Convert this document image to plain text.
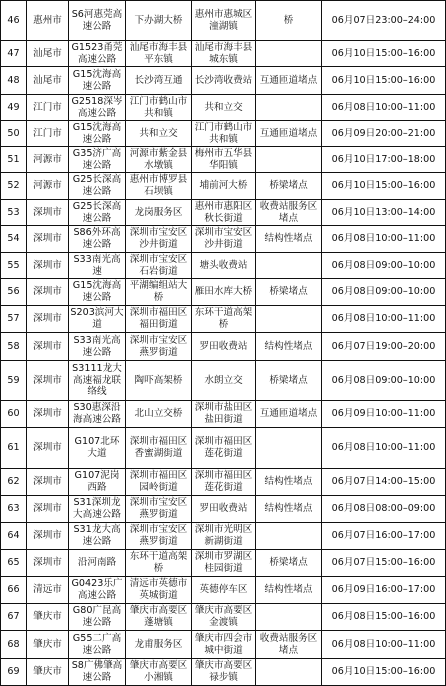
46	惠州市	S6河惠莞高速公路	下办湖大桥	惠州市惠城区潼湖镇	桥	06月07日23:00–24:00
47	汕尾市	G1523甬莞高速公路	汕尾市海丰县平东镇	汕尾市海丰县城东镇		06月10日15:00–16:00
48	汕尾市	G15沈海高速公路	长沙湾互通	长沙湾收费站	互通匝道堵点	06月10日15:00–16:00
49	江门市	G2518深岑高速公路	江门市鹤山市共和镇	共和立交		06月08日10:00–11:00
50	江门市	G15沈海高速公路	共和立交	江门市鹤山市共和镇	互通匝道堵点	06月09日20:00–21:00
51	河源市	G35济广高速公路	河源市紫金县水墩镇	梅州市五华县华阳镇		06月10日17:00–18:00
52	河源市	G25长深高速公路	惠州市博罗县石坝镇	埔前河大桥	桥梁堵点	06月10日15:00–16:00
53	深圳市	G25长深高速公路	龙岗服务区	惠州市惠阳区秋长街道	收费站服务区堵点	06月10日13:00–14:00
54	深圳市	S86外环高速公路	深圳市宝安区沙井街道	深圳市宝安区沙井街道	结构性堵点	06月08日10:00–11:00
55	深圳市	S33南光高速	深圳市宝安区石岩街道	塘头收费站		06月08日09:00–10:00
56	深圳市	G15沈海高速公路	平湖编组站大桥	雁田水库大桥	桥梁堵点	06月08日09:00–10:00
57	深圳市	S203滨河大道	深圳市福田区福田街道	东环干道高架桥		06月08日10:00–11:00
58	深圳市	S33南光高速公路	深圳市宝安区燕罗街道	罗田收费站	结构性堵点	06月07日19:00–20:00
59	深圳市	S3111龙大高速福龙联络线	陶吓高架桥	水朗立交	桥梁堵点	06月08日09:00–10:00
60	深圳市	S30惠深沿海高速公路	北山立交桥	深圳市盐田区盐田街道	互通匝道堵点	06月09日10:00–11:00
61	深圳市	G107北环大道	深圳市福田区香蜜湖街道	深圳市福田区莲花街道		06月08日10:00–11:00
62	深圳市	G107泥岗西路	深圳市福田区园岭街道	深圳市福田区莲花街道	结构性堵点	06月07日14:00–15:00
63	深圳市	S31深圳龙大高速公路	深圳市宝安区燕罗街道	罗田收费站	结构性堵点	06月08日08:00–09:00
64	深圳市	S31龙大高速公路	深圳市宝安区燕罗街道	深圳市光明区新湖街道		06月07日16:00–17:00
65	深圳市	沿河南路	东环干道高架桥	深圳市罗湖区桂园街道	桥梁堵点	06月07日15:00–16:00
66	清远市	G0423乐广高速公路	清远市英德市英城街道	英德停车区	结构性堵点	06月09日16:00–17:00
67	肇庆市	G80广昆高速公路	肇庆市高要区蓬塘镇	肇庆市高要区金渡镇		06月08日15:00–16:00
68	肇庆市	G55二广高速公路	龙甫服务区	肇庆市四会市城中街道	收费站服务区堵点	06月08日10:00–11:00
69	肇庆市	S8广佛肇高速公路	肇庆市高要区小湘镇	肇庆市高要区禄步镇		06月10日15:00–16:00
